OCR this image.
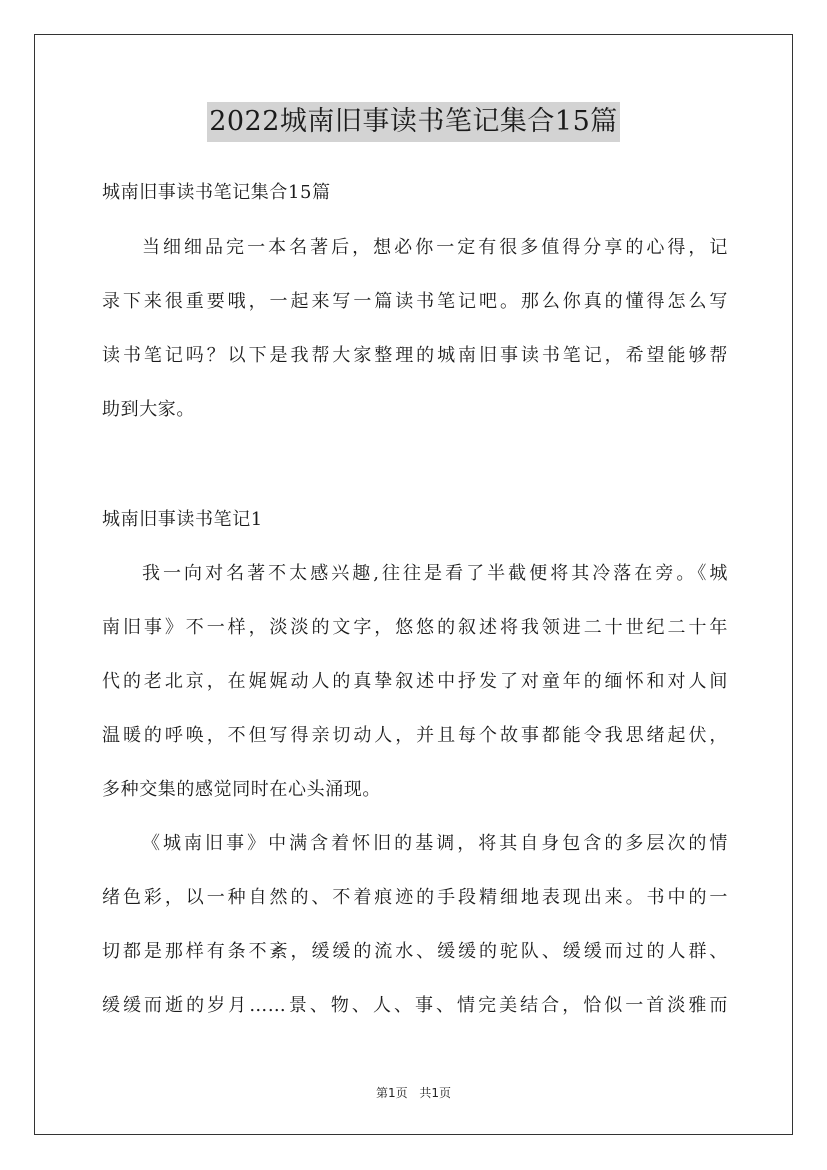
2022城南旧事读书笔记集合15篇
城南旧事读书笔记集合15篇
当细细品完一本名著后，想必你一定有很多值得分享的心得，记
录下来很重要哦，一起来写一篇读书笔记吧。那么你真的懂得怎么写
读书笔记吗？以下是我帮大家整理的城南旧事读书笔记，希望能够帮
助到大家。
城南旧事读书笔记1
我一向对名著不太感兴趣,往往是看了半截便将其冷落在旁。《城
南旧事》不一样，淡淡的文字，悠悠的叙述将我领进二十世纪二十年
代的老北京，在娓娓动人的真挚叙述中抒发了对童年的缅怀和对人间
温暖的呼唤，不但写得亲切动人，并且每个故事都能令我思绪起伏，
多种交集的感觉同时在心头涌现。
《城南旧事》中满含着怀旧的基调，将其自身包含的多层次的情
绪色彩，以一种自然的、不着痕迹的手段精细地表现出来。书中的一
切都是那样有条不紊，缓缓的流水、缓缓的驼队、缓缓而过的人群、
缓缓而逝的岁月……景、物、人、事、情完美结合，恰似一首淡雅而
第1页 共1页
